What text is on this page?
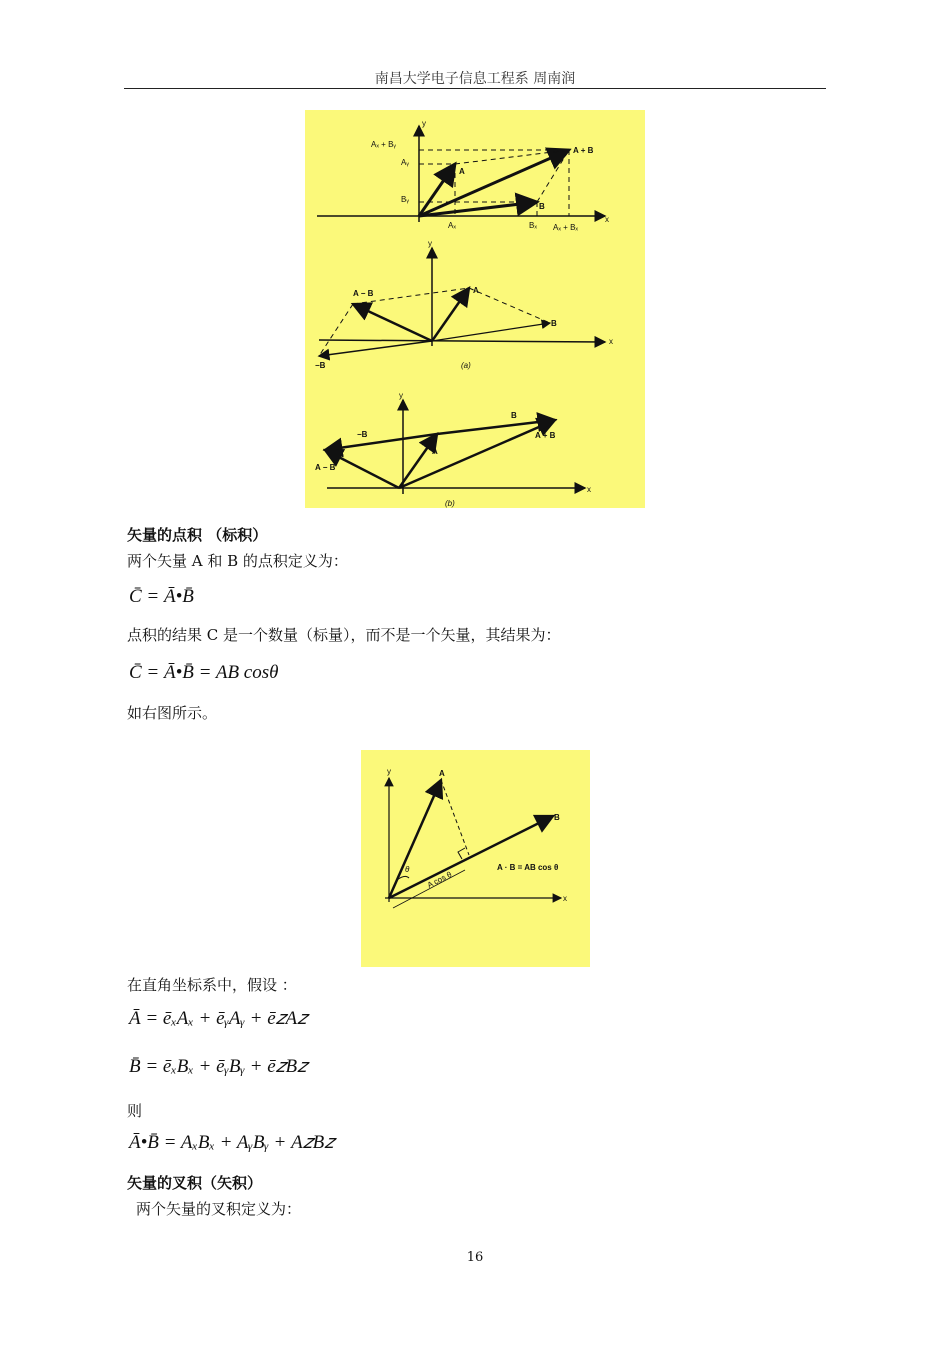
南昌大学电子信息工程系 周南润
y
x
Aₓ + Bᵧ
Aᵧ
Bᵧ
Aₓ	Bₓ Aₓ + Bₓ
A
B
A + B
y
x
A − B	A
B
−B	(a)
y
x
B
−B	A + B
A
A − B
(b)
矢量的点积 （标积）
两个矢量 A 和 B 的点积定义为：
C̄ = Ā•B̄
点积的结果 C 是一个数量（标量），而不是一个矢量，其结果为：
C̄ = Ā•B̄ = AB cosθ
如右图所示。
y	A
B
θ
A cos θ
A · B = AB cos θ
x
在直角坐标系中，假设 ：
Ā = ēₓAₓ + ēᵧAᵧ + ē𝑧A𝑧
B̄ = ēₓBₓ + ēᵧBᵧ + ē𝑧B𝑧
则
Ā•B̄ = AₓBₓ + AᵧBᵧ + A𝑧B𝑧
矢量的叉积（矢积）
两个矢量的叉积定义为：
16
